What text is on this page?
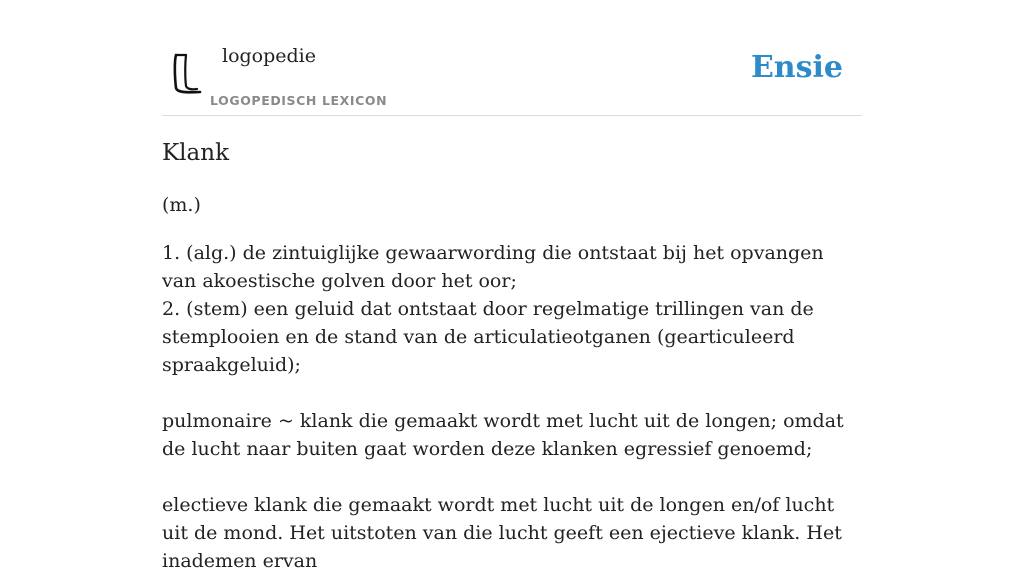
logopedie
LOGOPEDISCH LEXICON
Ensie
Klank
(m.)

1. (alg.) de zintuiglijke gewaarwording die ontstaat bij het opvangen van akoestische golven door het oor;

2. (stem) een geluid dat ontstaat door regelmatige trillingen van de stemplooien en de stand van de articulatieotganen (gearticuleerd spraakgeluid);

pulmonaire ~ klank die gemaakt wordt met lucht uit de longen; omdat de lucht naar buiten gaat worden deze klanken egressief genoemd;

electieve klank die gemaakt wordt met lucht uit de longen en/of lucht uit de mond. Het uitstoten van die lucht geeft een ejectieve klank. Het inademen ervan
